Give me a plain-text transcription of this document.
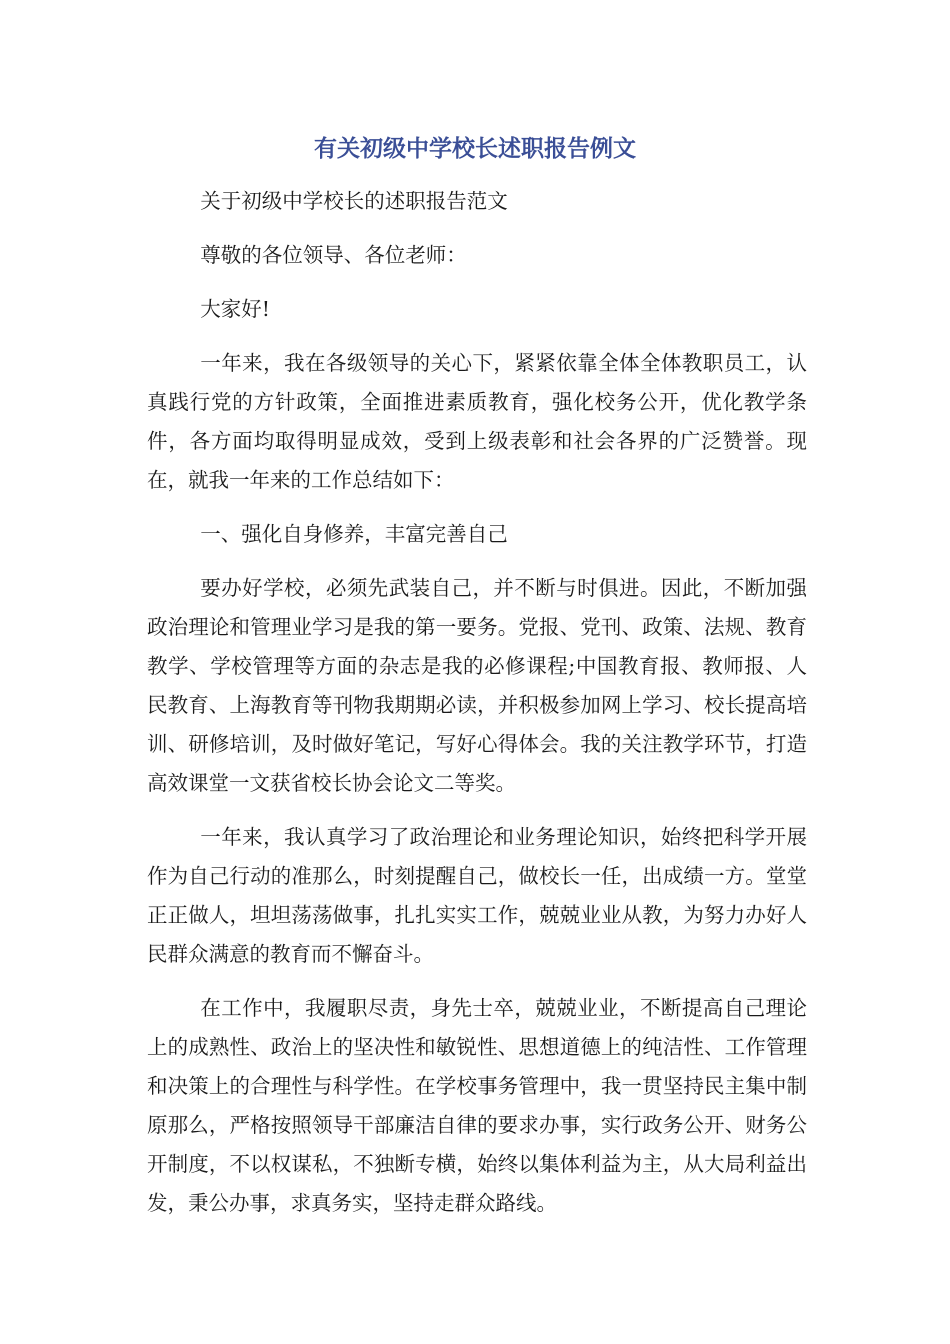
有关初级中学校长述职报告例文

关于初级中学校长的述职报告范文

尊敬的各位领导、各位老师：

大家好!

一年来，我在各级领导的关心下，紧紧依靠全体全体教职员工，认真践行党的方针政策，全面推进素质教育，强化校务公开，优化教学条件，各方面均取得明显成效，受到上级表彰和社会各界的广泛赞誉。现在，就我一年来的工作总结如下：

一、强化自身修养，丰富完善自己

要办好学校，必须先武装自己，并不断与时俱进。因此，不断加强政治理论和管理业学习是我的第一要务。党报、党刊、政策、法规、教育教学、学校管理等方面的杂志是我的必修课程;中国教育报、教师报、人民教育、上海教育等刊物我期期必读，并积极参加网上学习、校长提高培训、研修培训，及时做好笔记，写好心得体会。我的关注教学环节，打造高效课堂一文获省校长协会论文二等奖。

一年来，我认真学习了政治理论和业务理论知识，始终把科学开展作为自己行动的准那么，时刻提醒自己，做校长一任，出成绩一方。堂堂正正做人，坦坦荡荡做事，扎扎实实工作，兢兢业业从教，为努力办好人民群众满意的教育而不懈奋斗。

在工作中，我履职尽责，身先士卒，兢兢业业，不断提高自己理论上的成熟性、政治上的坚决性和敏锐性、思想道德上的纯洁性、工作管理和决策上的合理性与科学性。在学校事务管理中，我一贯坚持民主集中制原那么，严格按照领导干部廉洁自律的要求办事，实行政务公开、财务公开制度，不以权谋私，不独断专横，始终以集体利益为主，从大局利益出发，秉公办事，求真务实，坚持走群众路线。
